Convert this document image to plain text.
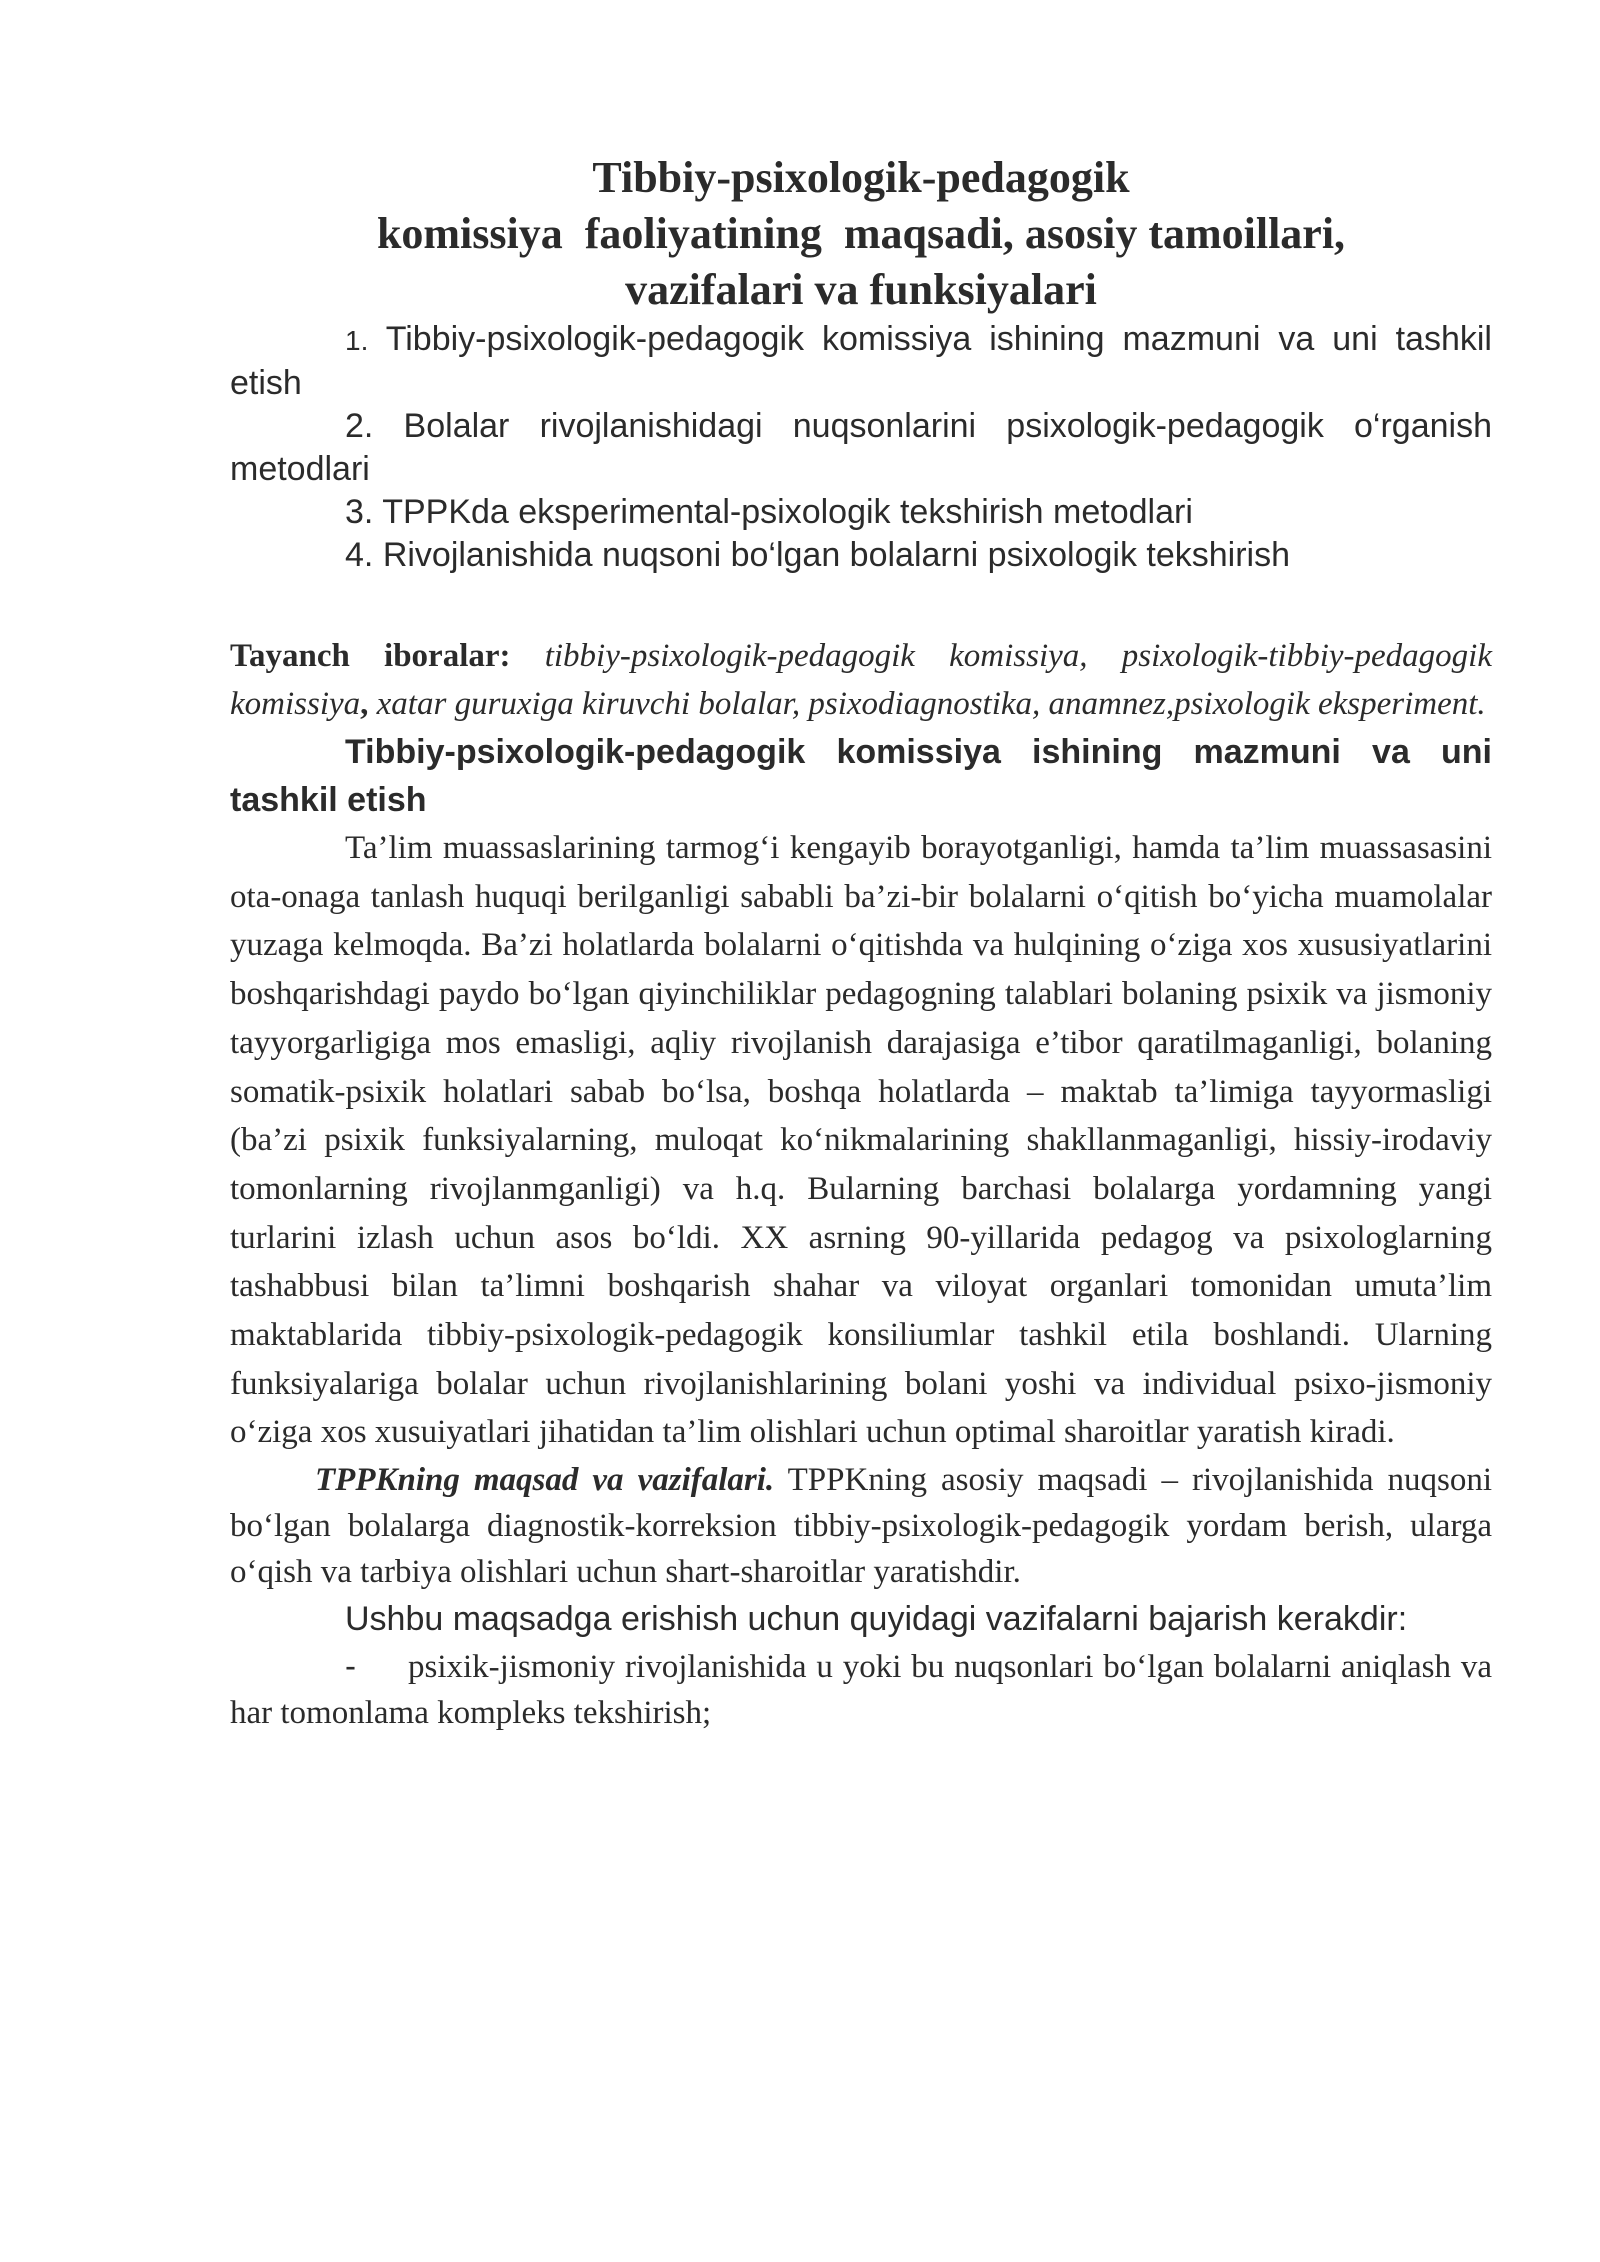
Tibbiy-psixologik-pedagogik
komissiya  faoliyatining  maqsadi, asosiy tamoillari,
vazifalari va funksiyalari

1. Tibbiy-psixologik-pedagogik komissiya ishining mazmuni va uni tashkil etish

2. Bolalar rivojlanishidagi nuqsonlarini psixologik-pedagogik o‘rganish metodlari

3. TPPKda eksperimental-psixologik tekshirish metodlari

4. Rivojlanishida nuqsoni bo‘lgan bolalarni psixologik tekshirish

Tayanch iboralar: tibbiy-psixologik-pedagogik komissiya, psixologik-tibbiy-pedagogik komissiya, xatar guruxiga kiruvchi bolalar, psixodiagnostika, anamnez,psixologik eksperiment.

Tibbiy-psixologik-pedagogik komissiya ishining mazmuni va uni tashkil etish

Ta’lim muassaslarining tarmog‘i kengayib borayotganligi, hamda ta’lim muassasasini ota-onaga tanlash huquqi berilganligi sababli ba’zi-bir bolalarni o‘qitish bo‘yicha muamolalar yuzaga kelmoqda. Ba’zi holatlarda bolalarni o‘qitishda va hulqining o‘ziga xos xususiyatlarini boshqarishdagi paydo bo‘lgan qiyinchiliklar pedagogning talablari bolaning psixik va jismoniy tayyorgarligiga mos emasligi, aqliy rivojlanish darajasiga e’tibor qaratilmaganligi, bolaning somatik-psixik holatlari sabab bo‘lsa, boshqa holatlarda – maktab ta’limiga tayyormasligi (ba’zi psixik funksiyalarning, muloqat ko‘nikmalarining shakllanmaganligi, hissiy-irodaviy tomonlarning rivojlanmganligi) va h.q. Bularning barchasi bolalarga yordamning yangi turlarini izlash uchun asos bo‘ldi. XX asrning 90-yillarida pedagog va psixologlarning tashabbusi bilan ta’limni boshqarish shahar va viloyat organlari tomonidan umuta’lim maktablarida tibbiy-psixologik-pedagogik konsiliumlar tashkil etila boshlandi. Ularning funksiyalariga bolalar uchun rivojlanishlarining bolani yoshi va individual psixo-jismoniy o‘ziga xos xusuiyatlari jihatidan ta’lim olishlari uchun optimal sharoitlar yaratish kiradi.

TPPKning maqsad va vazifalari. TPPKning asosiy maqsadi – rivojlanishida nuqsoni bo‘lgan bolalarga diagnostik-korreksion tibbiy-psixologik-pedagogik yordam berish, ularga o‘qish va tarbiya olishlari uchun shart-sharoitlar yaratishdir.

Ushbu maqsadga erishish uchun quyidagi vazifalarni bajarish kerakdir:

- psixik-jismoniy rivojlanishida u yoki bu nuqsonlari bo‘lgan bolalarni aniqlash va har tomonlama kompleks tekshirish;
